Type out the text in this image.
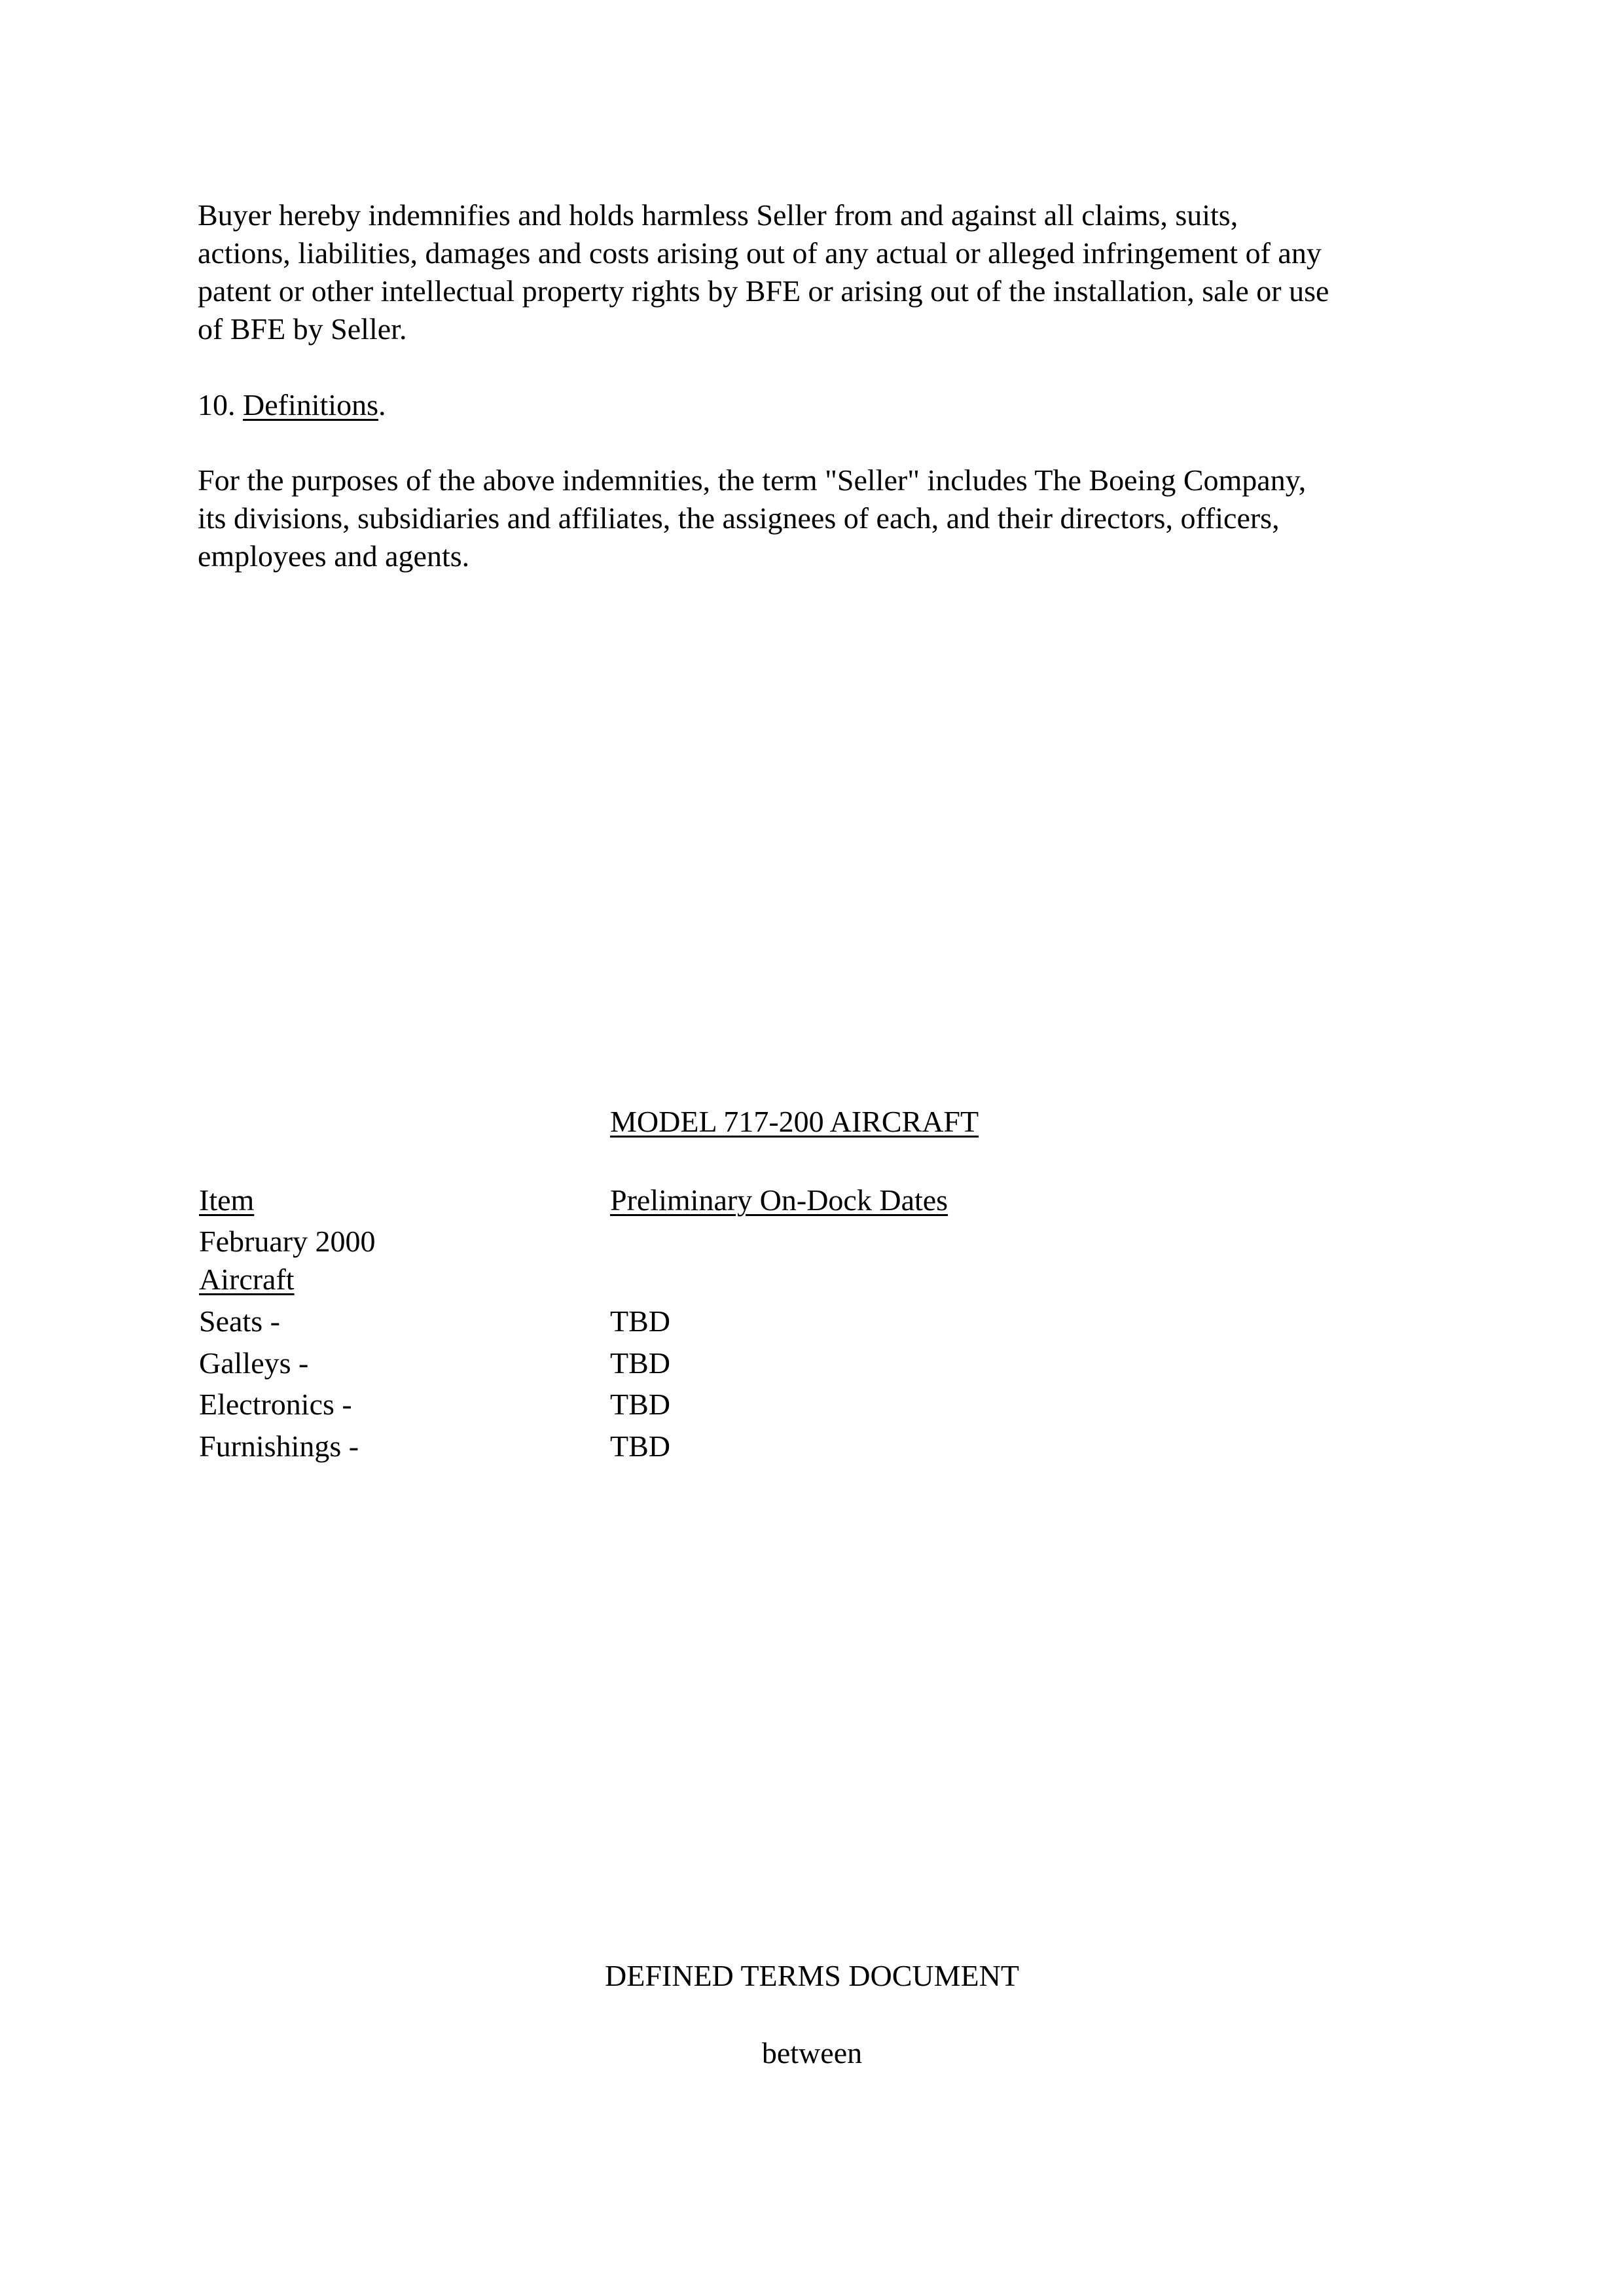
Buyer hereby indemnifies and holds harmless Seller from and against all claims, suits,
actions, liabilities, damages and costs arising out of any actual or alleged infringement of any
patent or other intellectual property rights by BFE or arising out of the installation, sale or use
of BFE by Seller.

10. Definitions.

For the purposes of the above indemnities, the term "Seller" includes The Boeing Company,
its divisions, subsidiaries and affiliates, the assignees of each, and their directors, officers,
employees and agents.

MODEL 717-200 AIRCRAFT
Item	Preliminary On-Dock Dates
February 2000
Aircraft
Seats -	TBD
Galleys -	TBD
Electronics -	TBD
Furnishings -	TBD
DEFINED TERMS DOCUMENT
between
